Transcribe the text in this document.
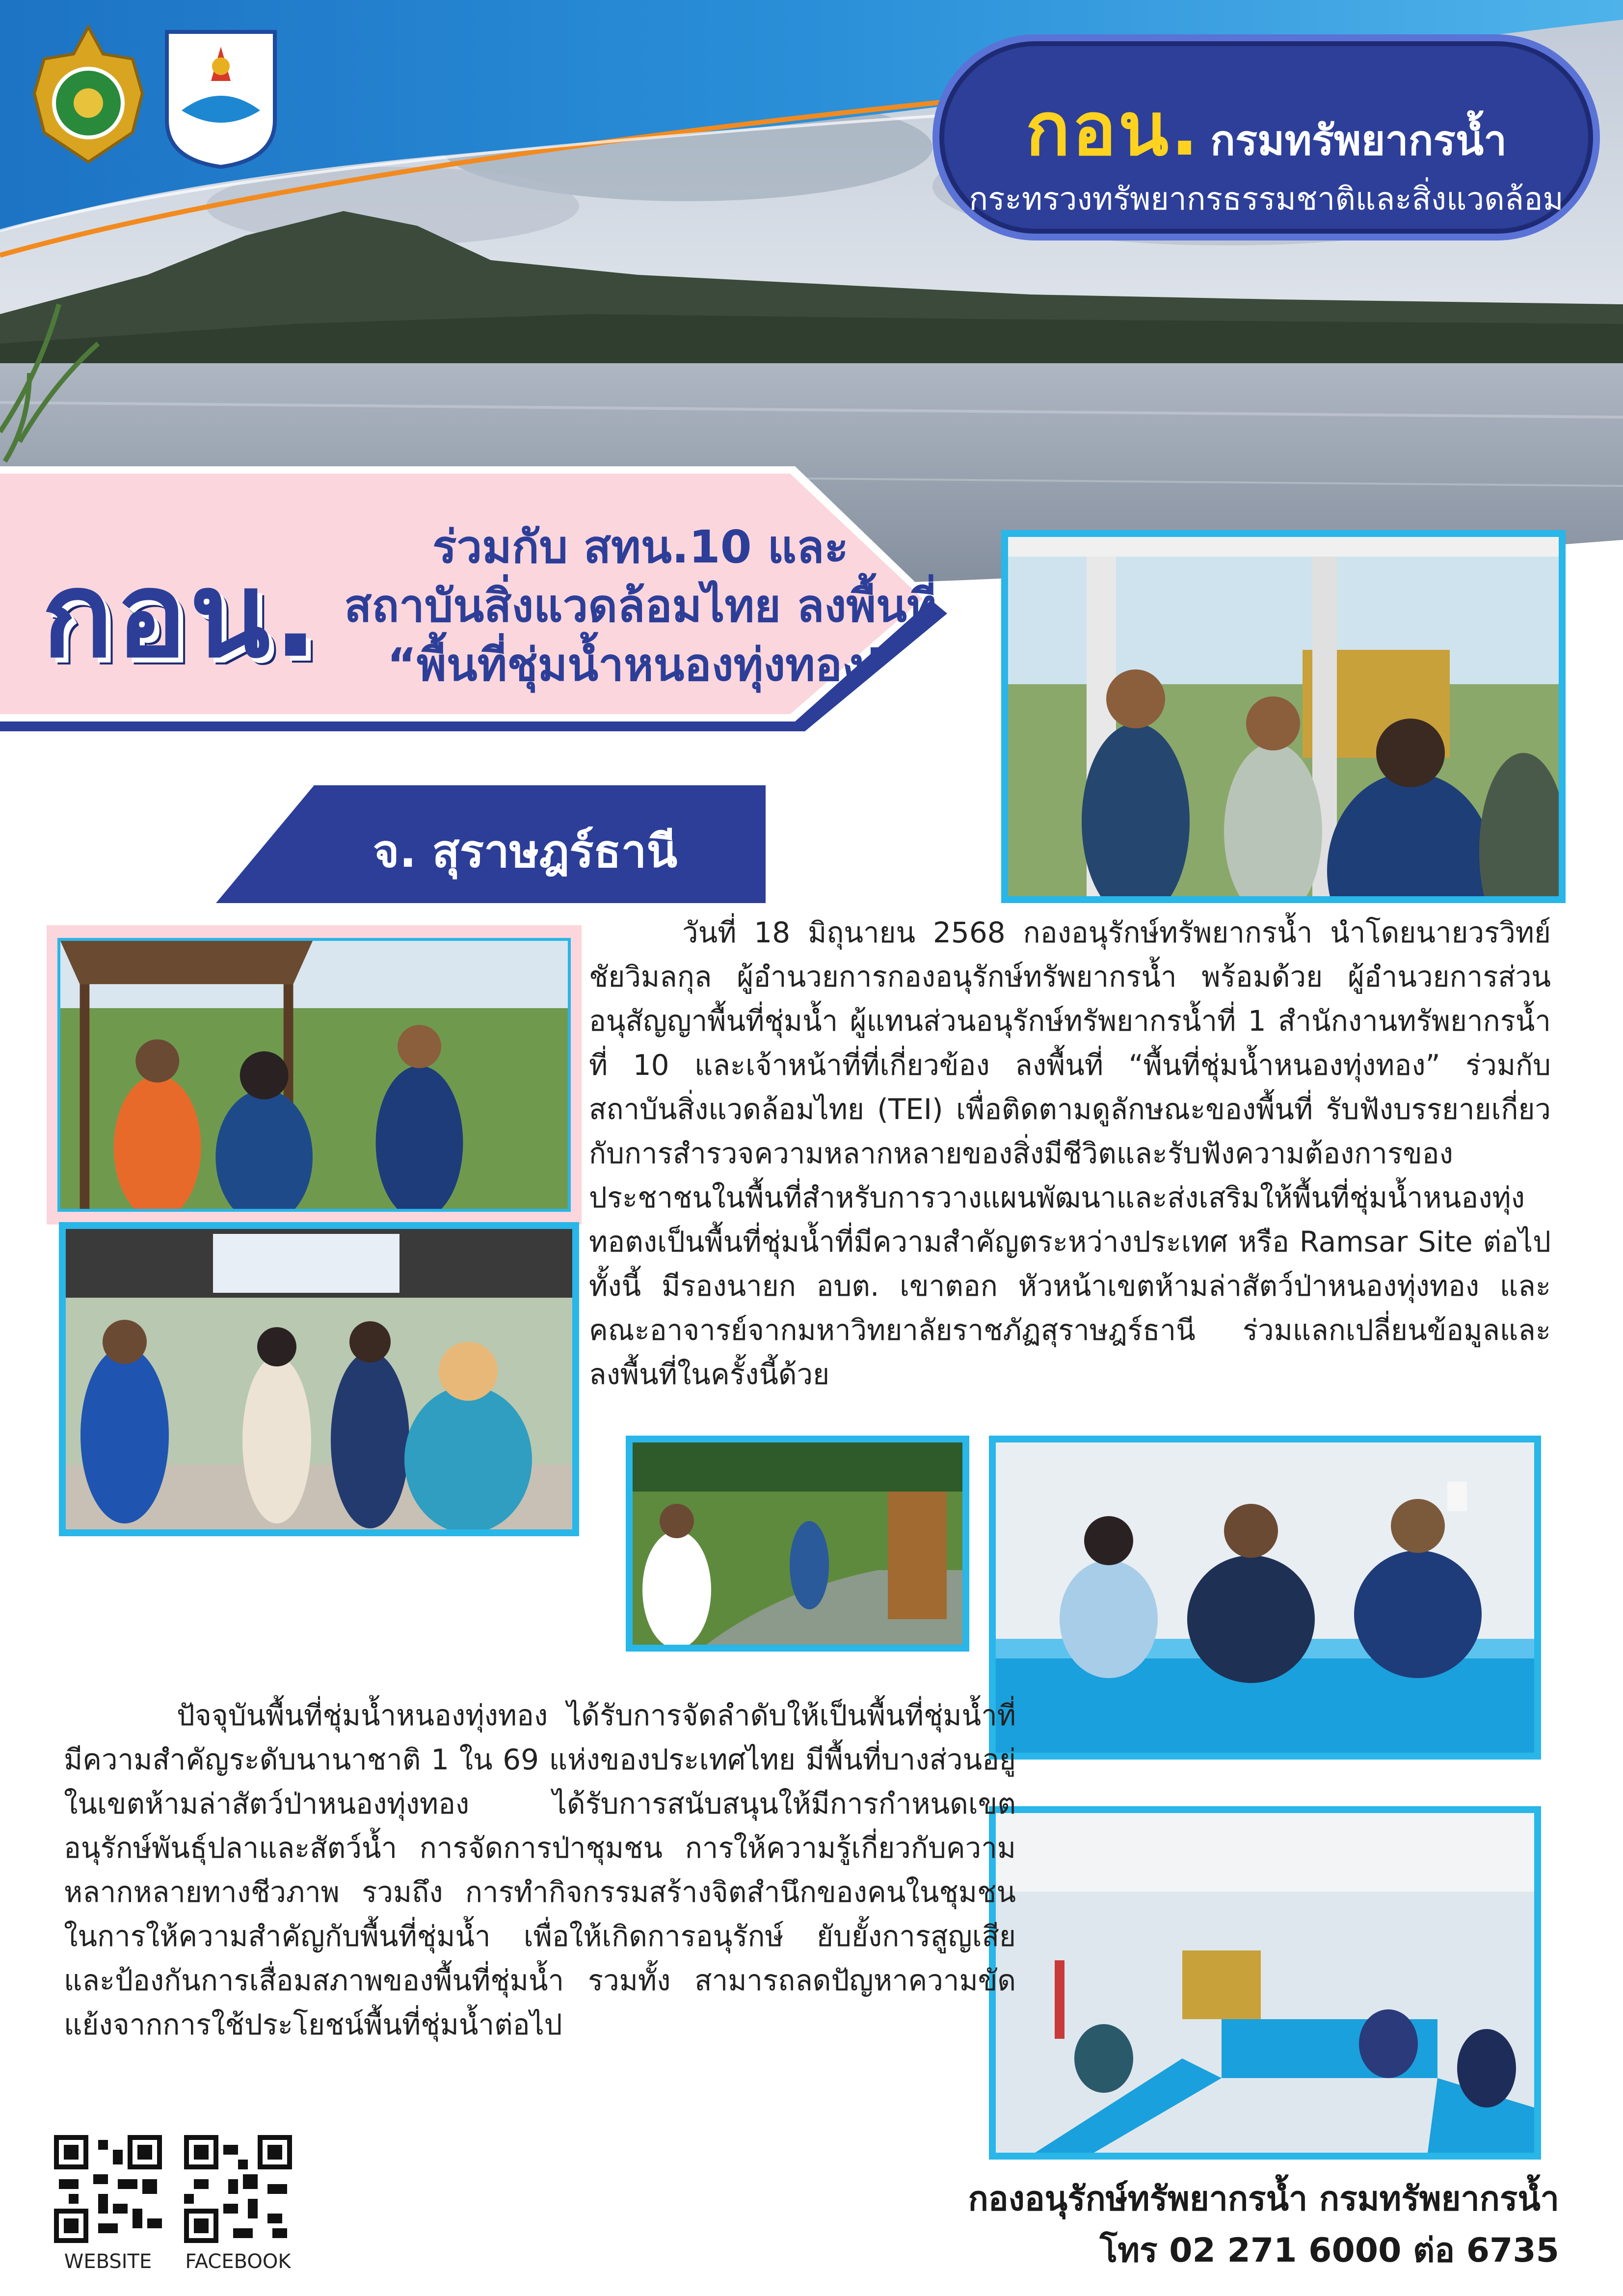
กอน. กรมทรัพยากรน้ำ
กระทรวงทรัพยากรธรรมชาติและสิ่งแวดล้อม
กอน.	ร่วมกับ สทน.10 และ
สถาบันสิ่งแวดล้อมไทย ลงพื้นที่
“พื้นที่ชุ่มน้ำหนองทุ่งทอง”
จ. สุราษฎร์ธานี

วันที่ 18 มิถุนายน 2568 กองอนุรักษ์ทรัพยากรน้ำ นำโดยนายวรวิทย์ ชัยวิมลกุล ผู้อำนวยการกองอนุรักษ์ทรัพยากรน้ำ พร้อมด้วย ผู้อำนวยการส่วนอนุสัญญาพื้นที่ชุ่มน้ำ ผู้แทนส่วนอนุรักษ์ทรัพยากรน้ำที่ 1 สำนักงานทรัพยากรน้ำที่ 10 และเจ้าหน้าที่ที่เกี่ยวข้อง ลงพื้นที่ “พื้นที่ชุ่มน้ำหนองทุ่งทอง” ร่วมกับสถาบันสิ่งแวดล้อมไทย (TEI) เพื่อติดตามดูลักษณะของพื้นที่ รับฟังบรรยายเกี่ยวกับการสำรวจความหลากหลายของสิ่งมีชีวิตและรับฟังความต้องการของประชาชนในพื้นที่สำหรับการวางแผนพัฒนาและส่งเสริมให้พื้นที่ชุ่มน้ำหนองทุ่งทอตงเป็นพื้นที่ชุ่มน้ำที่มีความสำคัญตระหว่างประเทศ หรือ Ramsar Site ต่อไป ทั้งนี้ มีรองนายก อบต. เขาตอก หัวหน้าเขตห้ามล่าสัตว์ป่าหนองทุ่งทอง และคณะอาจารย์จากมหาวิทยาลัยราชภัฏสุราษฎร์ธานี ร่วมแลกเปลี่ยนข้อมูลและลงพื้นที่ในครั้งนี้ด้วย

ปัจจุบันพื้นที่ชุ่มน้ำหนองทุ่งทอง ได้รับการจัดลำดับให้เป็นพื้นที่ชุ่มน้ำที่มีความสำคัญระดับนานาชาติ 1 ใน 69 แห่งของประเทศไทย มีพื้นที่บางส่วนอยู่ในเขตห้ามล่าสัตว์ป่าหนองทุ่งทอง ได้รับการสนับสนุนให้มีการกำหนดเขตอนุรักษ์พันธุ์ปลาและสัตว์น้ำ การจัดการป่าชุมชน การให้ความรู้เกี่ยวกับความหลากหลายทางชีวภาพ รวมถึง การทำกิจกรรมสร้างจิตสำนึกของคนในชุมชน ในการให้ความสำคัญกับพื้นที่ชุ่มน้ำ เพื่อให้เกิดการอนุรักษ์ ยับยั้งการสูญเสีย และป้องกันการเสื่อมสภาพของพื้นที่ชุ่มน้ำ รวมทั้ง สามารถลดปัญหาความขัดแย้งจากการใช้ประโยชน์พื้นที่ชุ่มน้ำต่อไป

WEBSITE	FACEBOOK
กองอนุรักษ์ทรัพยากรน้ำ กรมทรัพยากรน้ำ
โทร 02 271 6000 ต่อ 6735
